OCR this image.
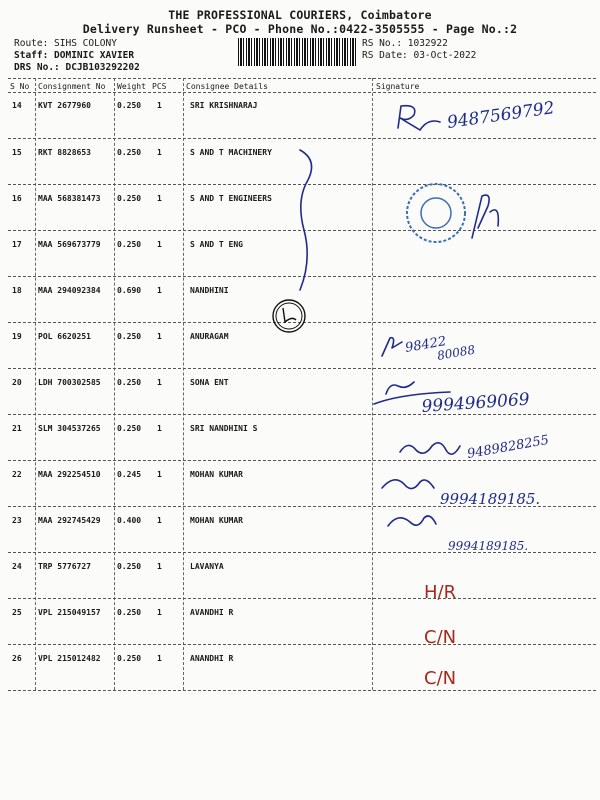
THE PROFESSIONAL COURIERS, Coimbatore
Delivery Runsheet - PCO - Phone No.:0422-3505555 - Page No.:2
Route: SIHS COLONY
Staff: DOMINIC XAVIER
DRS No.: DCJB103292202
RS No.: 1032922
RS Date: 03-Oct-2022
S No Consignment No Weight PCS Consignee Details	Signature
14 KVT 2677960	0.250 1	SRI KRISHNARAJ
15 RKT 8828653	0.250 1	S AND T MACHINERY
16 MAA 568381473 0.250 1	S AND T ENGINEERS
17 MAA 569673779 0.250 1	S AND T ENG
18 MAA 294092384 0.690 1	NANDHINI
19 POL 6620251	0.250 1	ANURAGAM
20 LDH 700302585 0.250 1	SONA ENT
21 SLM 304537265 0.250 1	SRI NANDHINI S
22 MAA 292254510 0.245 1	MOHAN KUMAR
23 MAA 292745429 0.400 1	MOHAN KUMAR
24 TRP 5776727	0.250 1	LAVANYA
25 VPL 215049157 0.250 1	AVANDHI R
26 VPL 215012482 0.250 1	ANANDHI R
9487569792
98422
80088
9994969069
9489828255
9994189185.
9994189185.
H/R
C/N
C/N
